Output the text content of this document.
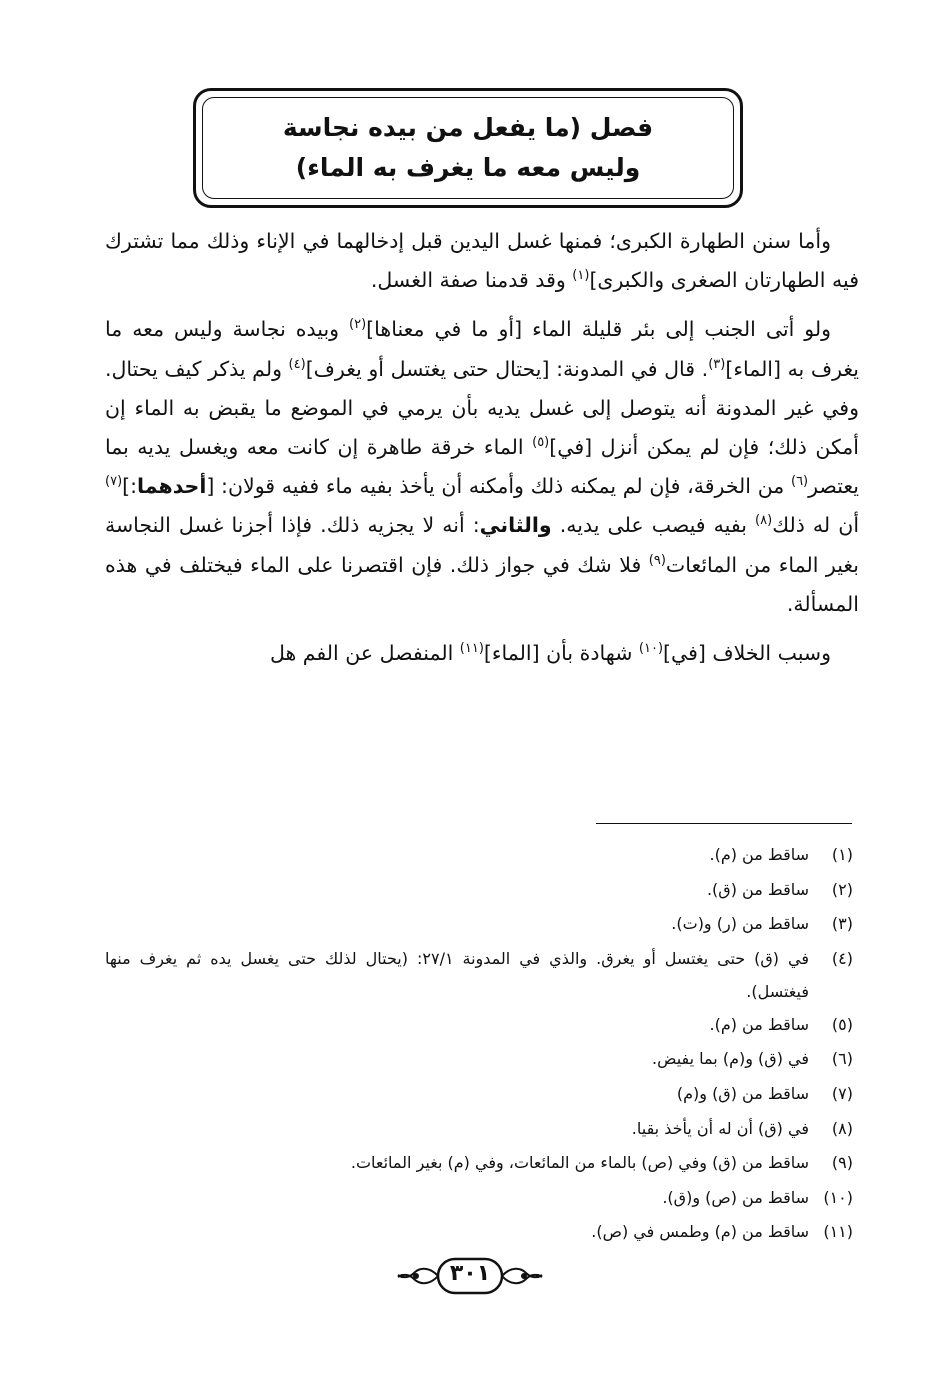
فصل (ما يفعل من بيده نجاسة
وليس معه ما يغرف به الماء)

وأما سنن الطهارة الكبرى؛ فمنها غسل اليدين قبل إدخالهما في الإناء وذلك مما تشترك فيه الطهارتان الصغرى والكبرى]$^{(١)}$ وقد قدمنا صفة الغسل.

ولو أتى الجنب إلى بئر قليلة الماء [أو ما في معناها]$^{(٢)}$ وبيده نجاسة وليس معه ما يغرف به [الماء]$^{(٣)}$. قال في المدونة: [يحتال حتى يغتسل أو يغرف]$^{(٤)}$ ولم يذكر كيف يحتال. وفي غير المدونة أنه يتوصل إلى غسل يديه بأن يرمي في الموضع ما يقبض به الماء إن أمكن ذلك؛ فإن لم يمكن أنزل [في]$^{(٥)}$ الماء خرقة طاهرة إن كانت معه ويغسل يديه بما يعتصر$^{(٦)}$ من الخرقة، فإن لم يمكنه ذلك وأمكنه أن يأخذ بفيه ماء ففيه قولان: [أحدهما:]$^{(٧)}$ أن له ذلك$^{(٨)}$ بفيه فيصب على يديه. والثاني: أنه لا يجزيه ذلك. فإذا أجزنا غسل النجاسة بغير الماء من المائعات$^{(٩)}$ فلا شك في جواز ذلك. فإن اقتصرنا على الماء فيختلف في هذه المسألة.

وسبب الخلاف [في]$^{(١٠)}$ شهادة بأن [الماء]$^{(١١)}$ المنفصل عن الفم هل

(١)
ساقط من (م).
(٢)
ساقط من (ق).
(٣)
ساقط من (ر) و(ت).
(٤)
في (ق) حتى يغتسل أو يغرق. والذي في المدونة ٢٧/١: (يحتال لذلك حتى يغسل يده ثم يغرف منها فيغتسل).
(٥)
ساقط من (م).
(٦)
في (ق) و(م) بما يفيض.
(٧)
ساقط من (ق) و(م)
(٨)
في (ق) أن له أن يأخذ بقيا.
(٩)
ساقط من (ق) وفي (ص) بالماء من المائعات، وفي (م) بغير المائعات.
(١٠)
ساقط من (ص) و(ق).
(١١)
ساقط من (م) وطمس في (ص).
٣٠١
